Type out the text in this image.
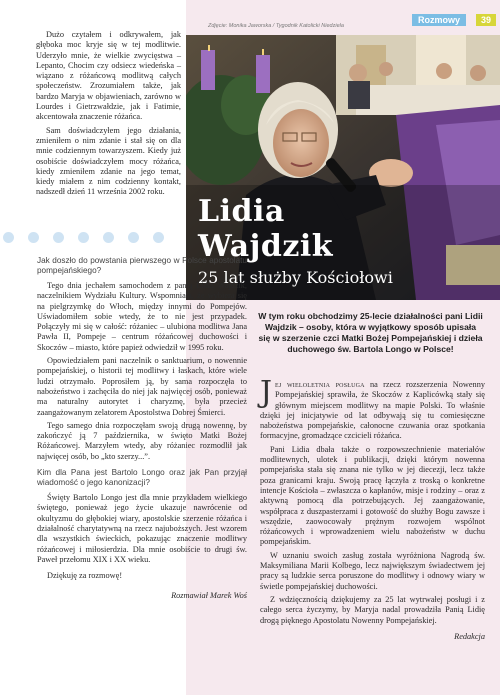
Rozmowy	39
Zdjęcie: Monika Jaworska / Tygodnik Katolicki Niedziela
Lidia
Wajdzik
25 lat służby Kościołowi

Dużo czytałem i odkrywałem, jak głęboka moc kryje się w tej modlitwie. Uderzyło mnie, że wielkie zwycięstwa – Lepanto, Chocim czy odsiecz wiedeńska – wiązano z różańcową modlitwą całych społeczeństw. Zrozumiałem także, jak bardzo Maryja w objawieniach, zarówno w Lourdes i Gietrzwałdzie, jak i Fatimie, akcentowała znaczenie różańca.

Sam doświadczyłem jego działania, zmieniłem o nim zdanie i stał się on dla mnie codziennym towarzyszem. Kiedy już osobiście doświadczyłem mocy różańca, kiedy zmieniłem zdanie na jego temat, kiedy miałem z nim codzienny kontakt, nadszedł dzień 11 września 2002 roku.

Jak doszło do powstania pierwszego w Polsce apostolatu pompejańskiego?

Tego dnia jechałem samochodem z panią Lidią Wajdzik, naczelnikiem Wydziału Kultury. Wspomniała, że wybiera się na pielgrzymkę do Włoch, między innymi do Pompejów. Uświadomiłem sobie wtedy, że to nie jest przypadek. Połączyły mi się w całość: różaniec – ulubiona modlitwa Jana Pawła II, Pompeje – centrum różańcowej duchowości i Skoczów – miasto, które papież odwiedził w 1995 roku.

Opowiedziałem pani naczelnik o sanktuarium, o nowennie pompejańskiej, o historii tej modlitwy i łaskach, które wiele ludzi otrzymało. Poprosiłem ją, by sama rozpoczęła to nabożeństwo i zachęciła do niej jak najwięcej osób, ponieważ ma naturalny autorytet i charyzmę, była przecież zaangażowanym zelatorem Apostolstwa Dobrej Śmierci.

Tego samego dnia rozpoczęłam swoją drugą nowennę, by zakończyć ją 7 października, w święto Matki Bożej Różańcowej. Marzyłem wtedy, aby różaniec rozmodlił jak najwięcej osób, bo „kto szerzy...”.

Kim dla Pana jest Bartolo Longo oraz jak Pan przyjął wiadomość o jego kanonizacji?

Święty Bartolo Longo jest dla mnie przykładem wielkiego świętego, ponieważ jego życie ukazuje nawrócenie od okultyzmu do głębokiej wiary, apostolskie szerzenie różańca i działalność charytatywną na rzecz najuboższych. Jest wzorem dla wszystkich świeckich, pokazując znaczenie modlitwy różańcowej i miłosierdzia. Dla mnie osobiście to drugi św. Paweł przełomu XIX i XX wieku.

Dziękuję za rozmowę!

Rozmawiał Marek Woś
W tym roku obchodzimy 25-lecie działalności pani Lidii Wajdzik – osoby, która w wyjątkowy sposób upisała się w szerzenie czci Matki Bożej Pompejańskiej i dzieła duchowego św. Bartola Longo w Polsce!

Jej wieloletnia posługa na rzecz rozszerzenia Nowenny Pompejańskiej sprawiła, że Skoczów z Kaplicówką stały się głównym miejscem modlitwy na mapie Polski. To właśnie dzięki jej inicjatywie od lat odbywają się tu comiesięczne nabożeństwa pompejańskie, całonocne czuwania oraz spotkania formacyjne, gromadzące czcicieli różańca.

Pani Lidia dbała także o rozpowszechnienie materiałów modlitewnych, ulotek i publikacji, dzięki którym nowenna pompejańska stała się znana nie tylko w jej diecezji, lecz także poza granicami kraju. Swoją pracę łączyła z troską o konkretne intencje Kościoła – zwłaszcza o kapłanów, misje i rodziny – oraz z aktywną pomocą dla potrzebujących. Jej zaangażowanie, współpraca z duszpasterzami i gotowość do służby Bogu zawsze i wszędzie, zaowocowały prężnym rozwojem wspólnot różańcowych i wprowadzeniem wielu nabożeństw w duchu pompejańskim.

W uznaniu swoich zasług została wyróżniona Nagrodą św. Maksymiliana Marii Kolbego, lecz największym świadectwem jej pracy są ludzkie serca poruszone do modlitwy i odnowy wiary w świetle pompejańskiej duchowości.

Z wdzięcznością dziękujemy za 25 lat wytrwałej posługi i z całego serca życzymy, by Maryja nadal prowadziła Panią Lidię drogą pięknego Apostolatu Nowenny Pompejańskiej.

Redakcja
